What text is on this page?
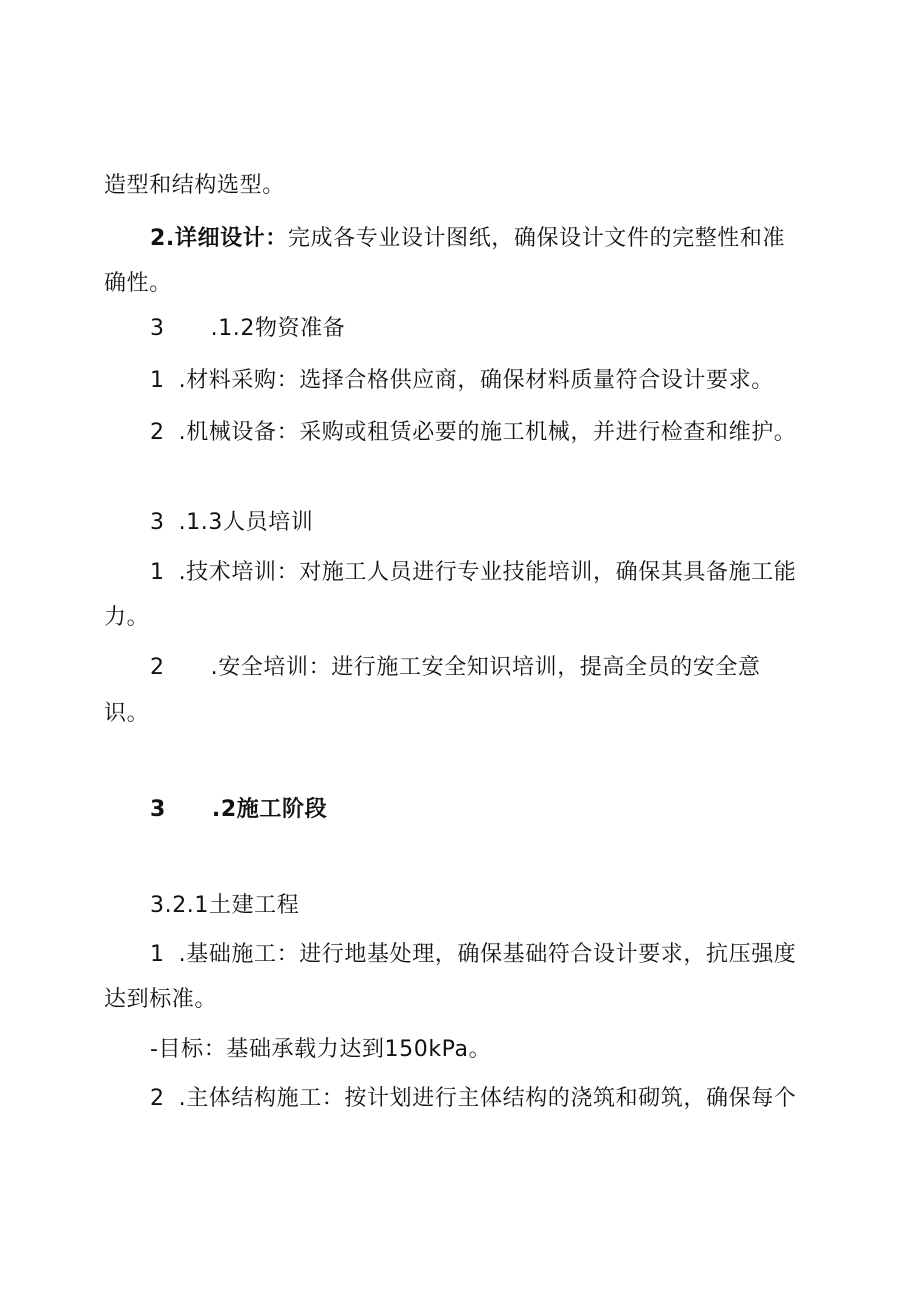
造型和结构选型。
2.详细设计：完成各专业设计图纸，确保设计文件的完整性和准
确性。
3 .1.2物资准备
1 .材料采购：选择合格供应商，确保材料质量符合设计要求。
2 .机械设备：采购或租赁必要的施工机械，并进行检查和维护。
3 .1.3人员培训
1 .技术培训：对施工人员进行专业技能培训，确保其具备施工能
力。
2 .安全培训：进行施工安全知识培训，提高全员的安全意
识。
3 .2施工阶段
3.2.1土建工程
1 .基础施工：进行地基处理，确保基础符合设计要求，抗压强度
达到标准。
-目标：基础承载力达到150kPa。
2 .主体结构施工：按计划进行主体结构的浇筑和砌筑，确保每个
